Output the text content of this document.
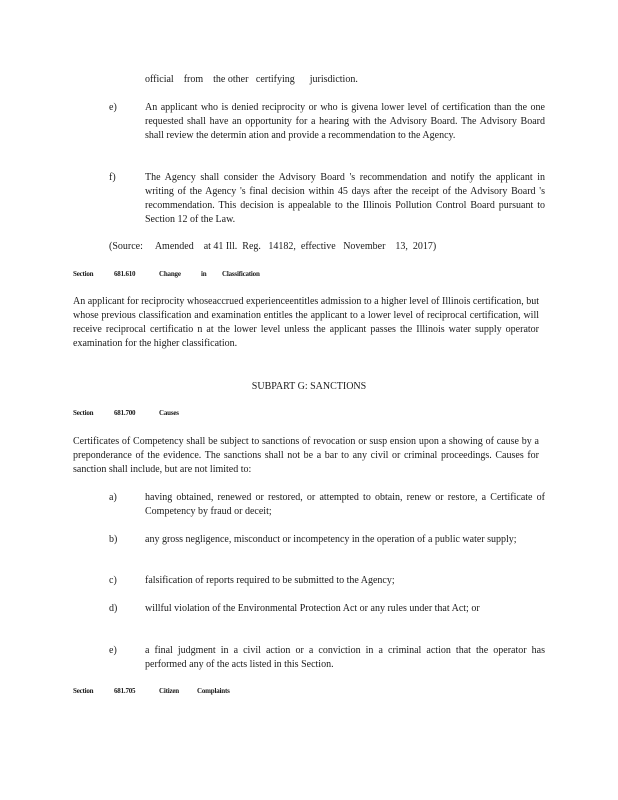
official    from    the other   certifying      jurisdiction.
e)	An applicant who is denied reciprocity or who is givena lower level of certification than the one requested shall have an opportunity for a hearing with the Advisory Board. The Advisory Board shall review the determin ation and provide a recommendation to the Agency.
f)	The Agency shall consider the Advisory Board 's recommendation and notify the applicant in writing of the Agency 's final decision within 45 days after the receipt of the Advisory Board 's recommendation. This decision is appealable to the Illinois Pollution Control Board pursuant to Section 12 of the Law.
(Source:     Amended    at 41 Ill.  Reg.   14182,  effective   November    13,  2017)
Section	681.610	Change	in Classification
An applicant for reciprocity whoseaccrued experienceentitles admission to a higher level of Illinois certification, but whose previous classification and examination entitles the applicant to a lower level of reciprocal certification, will receive reciprocal certificatio n at the lower level unless the applicant passes the Illinois water supply operator examination for the higher classification.
SUBPART G: SANCTIONS
Section	681.700	Causes
Certificates of Competency shall be subject to sanctions of revocation or susp ension upon a showing of cause by a preponderance of the evidence. The sanctions shall not be a bar to any civil or criminal proceedings. Causes for sanction shall include, but are not limited to:
a)	having obtained, renewed or restored, or attempted to obtain, renew or restore, a Certificate of Competency by fraud or deceit;
b)	any gross negligence, misconduct or incompetency in the operation of a public water supply;
c)	falsification of reports required to be submitted to the Agency;
d)	willful violation of the Environmental Protection Act or any rules under that Act; or
e)	a final judgment in a civil action or a conviction in a criminal action that the operator has performed any of the acts listed in this Section.
Section	681.705	Citizen	Complaints
